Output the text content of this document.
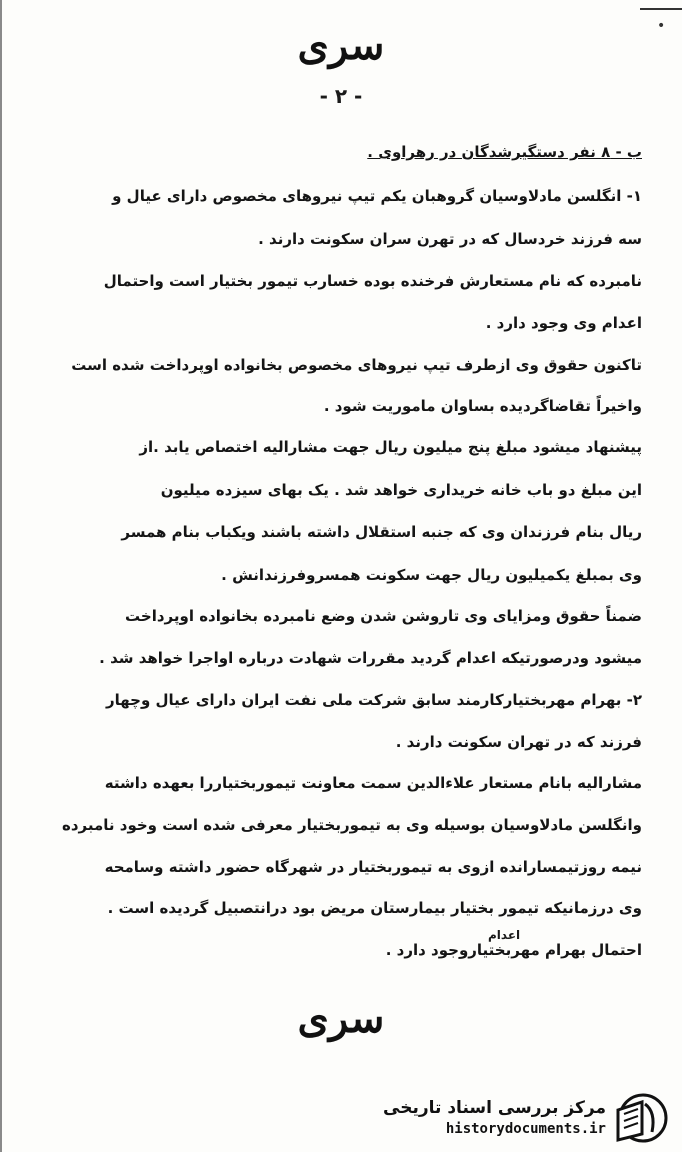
•
سری
- ۲ -
ب - ۸ نفر دستگیرشدگان در رهراوی .
۱- انگلسن مادلاوسیان گروهبان یکم تیپ نیروهای مخصوص دارای عیال و
سه فرزند خردسال که در تهرن سران سکونت دارند .
نامبرده که نام مستعارش فرخنده بوده خسارب تیمور بختیار است واحتمال
اعدام وی وجود دارد .
تاکنون حقوق وی ازطرف تیپ نیروهای مخصوص بخانواده اوپرداخت شده است
واخیراً تقاضاگردیده بساوان ماموریت شود .
پیشنهاد میشود مبلغ پنج میلیون ریال جهت مشارالیه اختصاص یابد .از
این مبلغ دو باب خانه خریداری خواهد شد . یک بهای سیزده میلیون
ریال بنام فرزندان وی که جنبه استقلال داشته باشند ویکباب بنام همسر
وی بمبلغ یکمیلیون ریال جهت سکونت همسروفرزندانش .
ضمناً حقوق ومزایای وی تاروشن شدن وضع نامبرده بخانواده اوپرداخت
میشود ودرصورتیکه اعدام گردید مقررات شهادت درباره اواجرا خواهد شد .
۲- بهرام مهربختیارکارمند سابق شرکت ملی نفت ایران دارای عیال وچهار
فرزند که در تهران سکونت دارند .
مشارالیه بانام مستعار علاءالدین سمت معاونت تیموربختیاررا بعهده داشته
وانگلسن مادلاوسیان بوسیله وی به تیموربختیار معرفی شده است وخود نامبرده
نیمه روزتیمسارانده ازوی به تیموربختیار در شهرگاه حضور داشته وسامحه
وی درزمانیکه تیمور بختیار بیمارستان مریض بود درانتصبیل گردیده است .
اعدام
احتمال بهرام مهربختیاروجود دارد .
سری
مرکز بررسی اسناد تاریخی
historydocuments.ir
